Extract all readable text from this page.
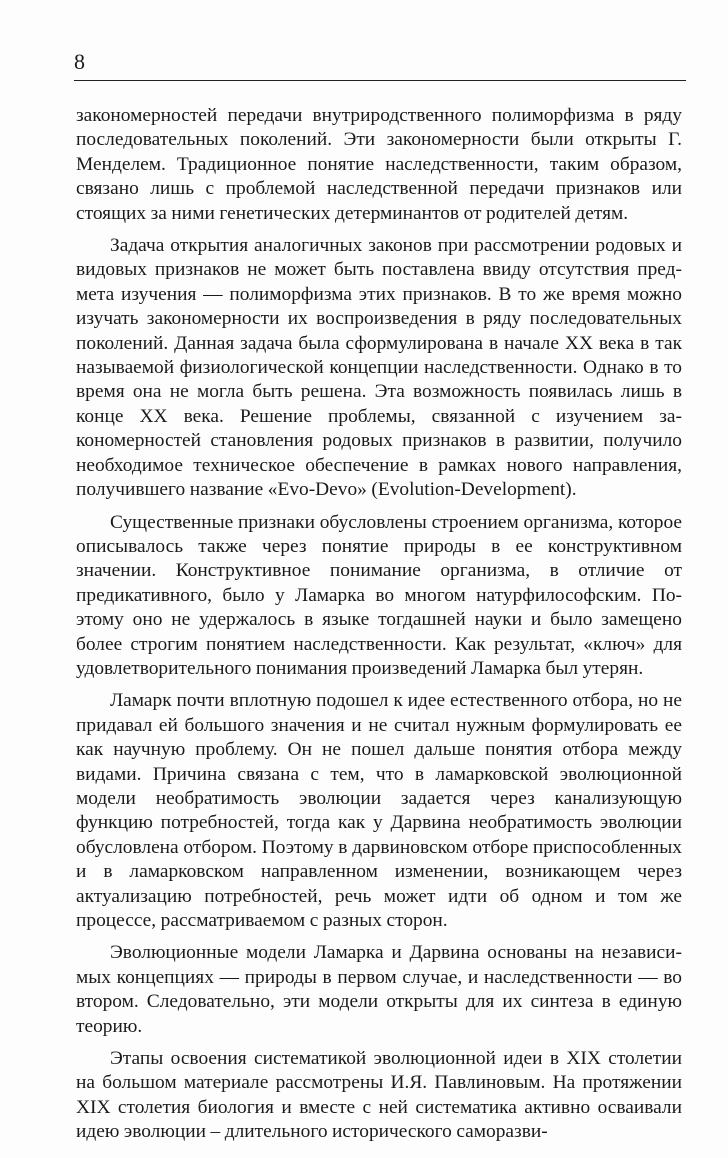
8

закономерностей передачи внутриродственного полиморфизма в ряду последовательных поколений. Эти закономерности были открыты Г. Менделем. Традиционное понятие наследственности, таким образом, связано лишь с проблемой наследственной передачи признаков или стоящих за ними генетических детерминантов от родителей детям.

Задача открытия аналогичных законов при рассмотрении родовых и видовых признаков не может быть поставлена ввиду отсутствия предмета изучения — полиморфизма этих признаков. В то же время можно изучать закономерности их воспроизведения в ряду последовательных поколений. Данная задача была сформулирована в начале XX века в так называемой физиологической концепции наследственности. Однако в то время она не могла быть решена. Эта возможность появилась лишь в конце XX века. Решение проблемы, связанной с изучением закономерностей становления родовых признаков в развитии, получило необходимое техническое обеспечение в рамках нового направления, получившего название «Evo-Devo» (Evolution-Development).

Существенные признаки обусловлены строением организма, которое описывалось также через понятие природы в ее конструктивном значении. Конструктивное понимание организма, в отличие от предикативного, было у Ламарка во многом натурфилософским. Поэтому оно не удержалось в языке тогдашней науки и было замещено более строгим понятием наследственности. Как результат, «ключ» для удовлетворительного понимания произведений Ламарка был утерян.

Ламарк почти вплотную подошел к идее естественного отбора, но не придавал ей большого значения и не считал нужным формулировать ее как научную проблему. Он не пошел дальше понятия отбора между видами. Причина связана с тем, что в ламарковской эволюционной модели необратимость эволюции задается через канализующую функцию потребностей, тогда как у Дарвина необратимость эволюции обусловлена отбором. Поэтому в дарвиновском отборе приспособленных и в ламарковском направленном изменении, возникающем через актуализацию потребностей, речь может идти об одном и том же процессе, рассматриваемом с разных сторон.

Эволюционные модели Ламарка и Дарвина основаны на независимых концепциях — природы в первом случае, и наследственности — во втором. Следовательно, эти модели открыты для их синтеза в единую теорию.

Этапы освоения систематикой эволюционной идеи в XIX столетии на большом материале рассмотрены И.Я. Павлиновым. На протяжении XIX столетия биология и вместе с ней систематика активно осваивали идею эволюции – длительного исторического саморазви-
